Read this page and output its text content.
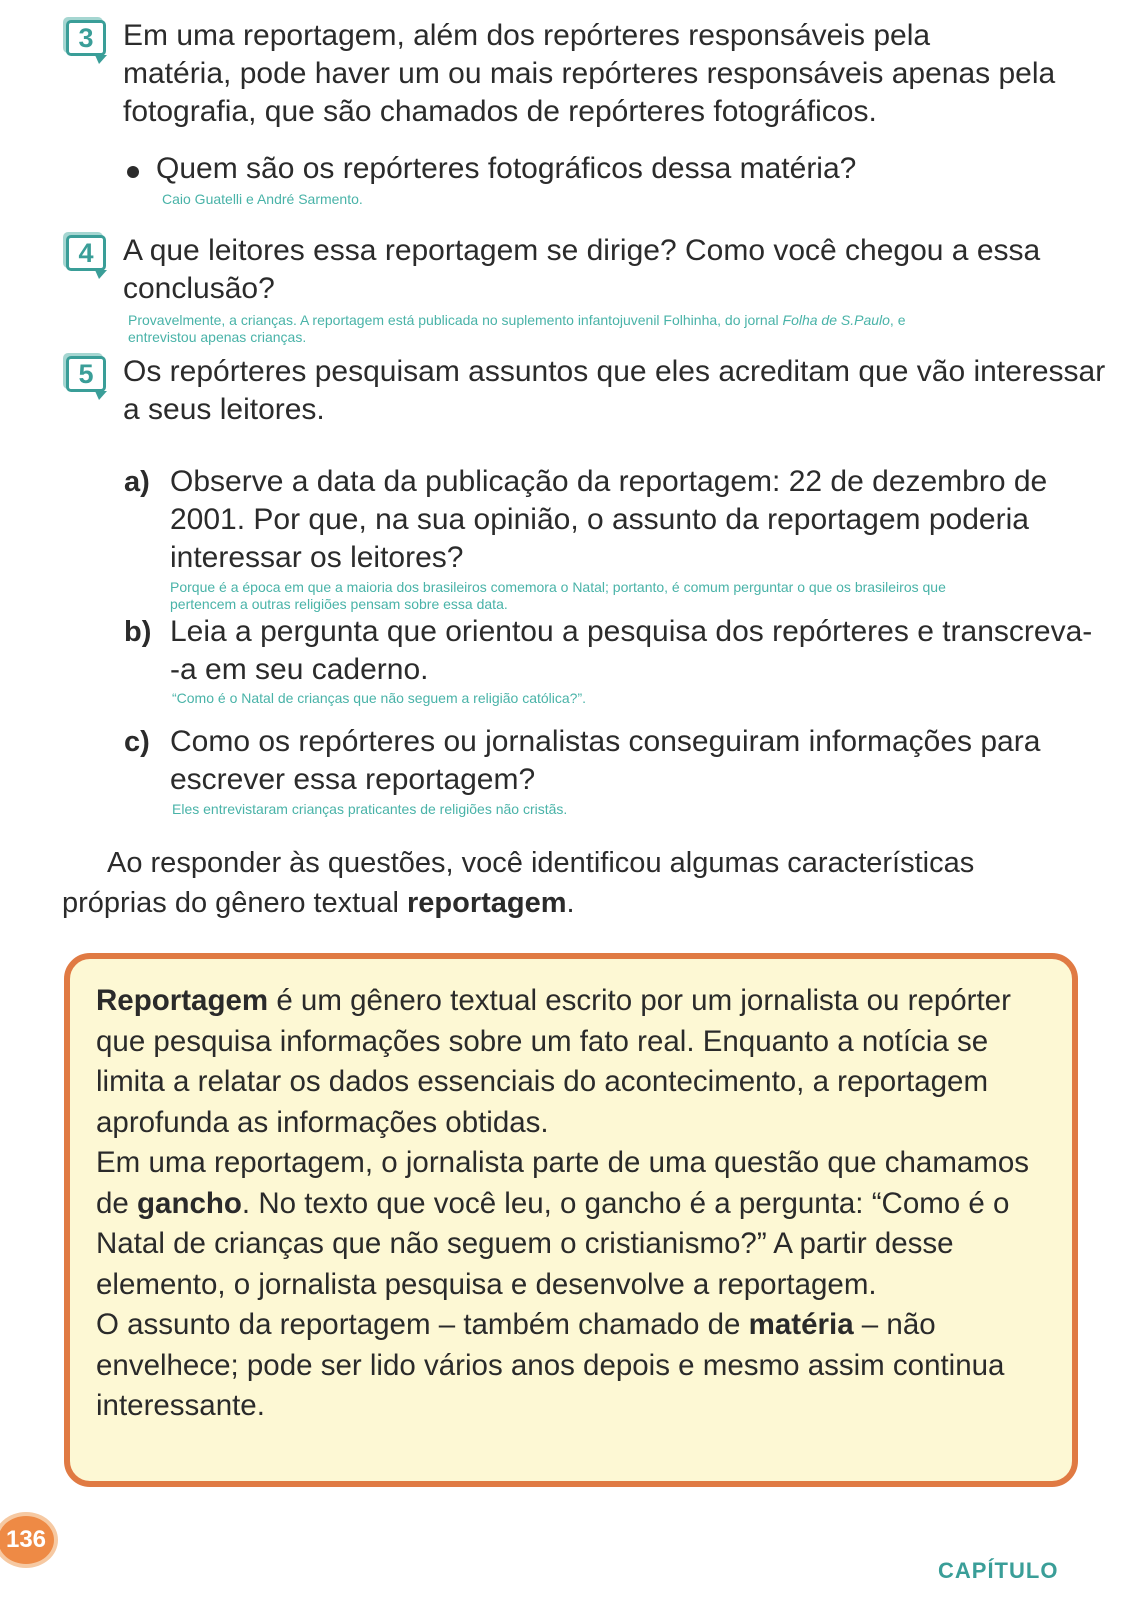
3 Em uma reportagem, além dos repórteres responsáveis pela
matéria, pode haver um ou mais repórteres responsáveis apenas pela
fotografia, que são chamados de repórteres fotográficos.
Quem são os repórteres fotográficos dessa matéria?
Caio Guatelli e André Sarmento.
4 A que leitores essa reportagem se dirige? Como você chegou a essa
conclusão?
Provavelmente, a crianças. A reportagem está publicada no suplemento infantojuvenil Folhinha, do jornal Folha de S.Paulo, e
entrevistou apenas crianças.
5 Os repórteres pesquisam assuntos que eles acreditam que vão interessar
a seus leitores.
a) Observe a data da publicação da reportagem: 22 de dezembro de
2001. Por que, na sua opinião, o assunto da reportagem poderia
interessar os leitores?
Porque é a época em que a maioria dos brasileiros comemora o Natal; portanto, é comum perguntar o que os brasileiros que
pertencem a outras religiões pensam sobre essa data.
b) Leia a pergunta que orientou a pesquisa dos repórteres e transcreva-
-a em seu caderno.
“Como é o Natal de crianças que não seguem a religião católica?”.
c) Como os repórteres ou jornalistas conseguiram informações para
escrever essa reportagem?
Eles entrevistaram crianças praticantes de religiões não cristãs.
Ao responder às questões, você identificou algumas características
próprias do gênero textual reportagem.

Reportagem é um gênero textual escrito por um jornalista ou repórter que pesquisa informações sobre um fato real. Enquanto a notícia se limita a relatar os dados essenciais do acontecimento, a reportagem aprofunda as informações obtidas.

Em uma reportagem, o jornalista parte de uma questão que chamamos de gancho. No texto que você leu, o gancho é a pergunta: “Como é o Natal de crianças que não seguem o cristianismo?” A partir desse elemento, o jornalista pesquisa e desenvolve a reportagem.

O assunto da reportagem – também chamado de matéria – não envelhece; pode ser lido vários anos depois e mesmo assim continua interessante.

136
CAPÍTULO
